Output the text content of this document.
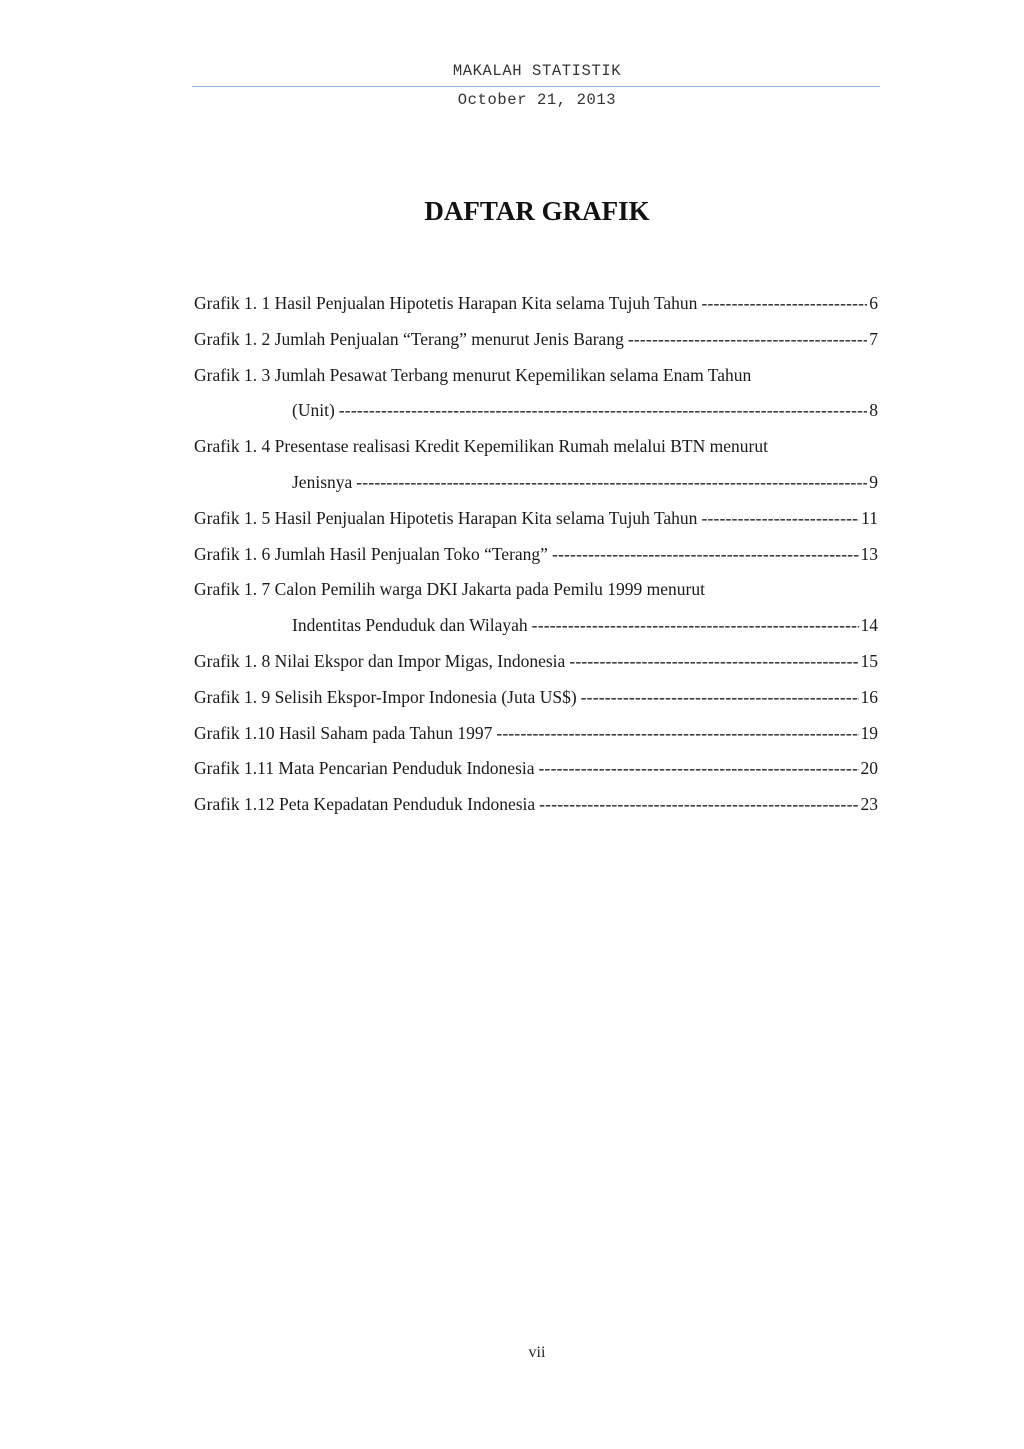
MAKALAH STATISTIK
October 21, 2013
DAFTAR GRAFIK
Grafik 1. 1 Hasil Penjualan Hipotetis Harapan Kita selama Tujuh Tahun -----	6
Grafik 1. 2 Jumlah Penjualan “Terang” menurut Jenis Barang -----	7
Grafik 1. 3 Jumlah Pesawat Terbang menurut Kepemilikan selama Enam Tahun
(Unit) -----	8
Grafik 1. 4 Presentase realisasi Kredit Kepemilikan Rumah melalui BTN menurut
Jenisnya -----	9
Grafik 1. 5 Hasil Penjualan Hipotetis Harapan Kita selama Tujuh Tahun -----	11
Grafik 1. 6 Jumlah Hasil Penjualan Toko “Terang” -----	13
Grafik 1. 7 Calon Pemilih warga DKI Jakarta pada Pemilu 1999 menurut
Indentitas Penduduk dan Wilayah -----	14
Grafik 1. 8 Nilai Ekspor dan Impor Migas, Indonesia -----	15
Grafik 1. 9 Selisih Ekspor-Impor Indonesia (Juta US$) -----	16
Grafik 1.10 Hasil Saham pada Tahun 1997 -----	19
Grafik 1.11 Mata Pencarian Penduduk Indonesia -----	20
Grafik 1.12 Peta Kepadatan Penduduk Indonesia -----	23
vii
